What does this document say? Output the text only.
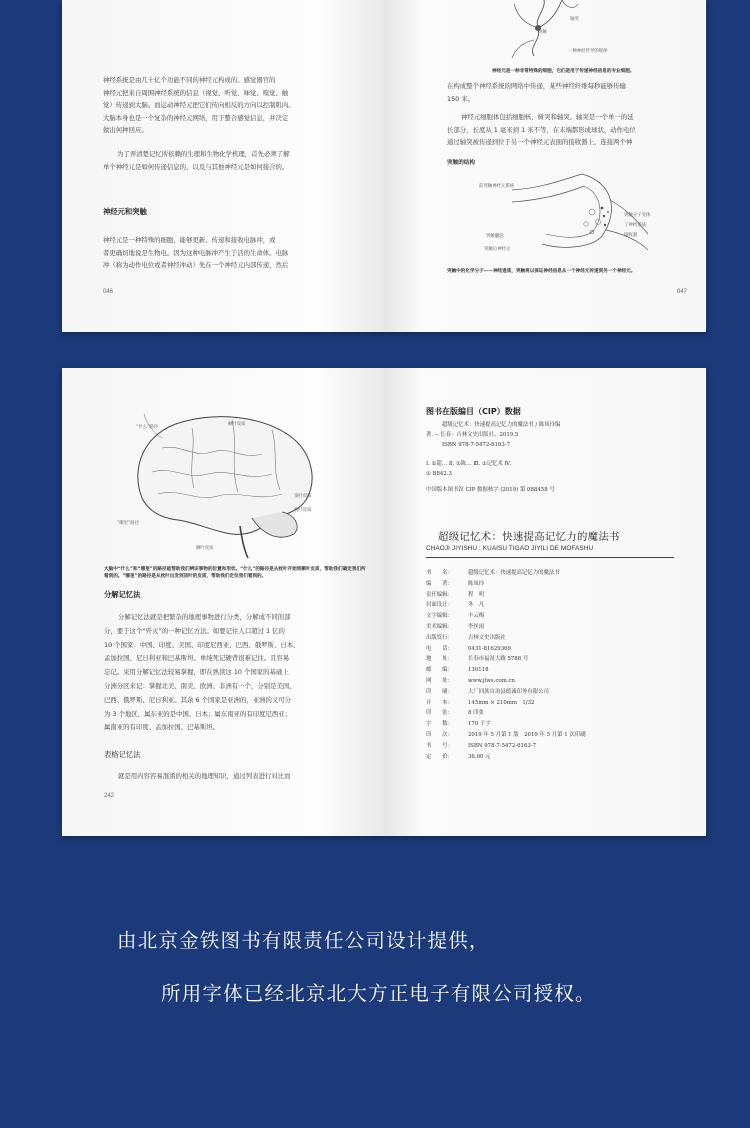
神经系统是由几十亿个功能不同的神经元构成的。感觉器官的
神经元把来自周围神经系统的信息（视觉、听觉、味觉、嗅觉、触
觉）传递到大脑。而运动神经元把它们传向相反的方向以控制肌肉。
大脑本身也是一个复杂的神经元网络，用于整合感觉信息，并决定
做出何种回应。
为了弄清楚记忆所依赖的生理和生物化学机理，首先必须了解
单个神经元是如何传递信息的，以及与其他神经元是如何接合的。
神经元和突触
神经元是一种特殊的细胞，能够更新、传递和接收电脉冲，或
者更确切地说是生物电。因为这种电脉冲产生于活的生命体。电脉
冲（称为动作电位或者神经冲动）先在一个神经元内部传递，然后
046
轴突
突触
一种神经传导的规律
神经元是一种非常特殊的细胞，它们是用于传递神经信息的专业细胞。
在构成整个神经系统的网络中传递，某些神经纤维每秒能够传输
150 米。
神经元细胞体包括细胞核、树突和轴突。轴突是一个单一的延
长部分，长度从 1 毫米到 1 米不等，在末端都形成球状，动作电位
通过轴突被传递到位于另一个神经元表面的接收器上，连接两个神
突触的结构
前突触神经元系统
突触囊泡
突触后神经元
突触分子受体
了神经递质
接收器
突触中的化学分子——神经递质，突触将以保证神经信息从一个神经元传递到另一个神经元。
047
“什么”路径
额叶皮质
顶叶皮质
枕叶皮质
“哪里”路径
颞叶皮质
大脑中“什么”和“哪里”的路径能帮助我们辨识事物的位置和形状。“什么”的路径是从枕叶开始到颞叶皮质，帮助我们确定我们所看到的。“哪里”的路径是从枕叶出发到顶叶的皮质，帮助我们定位我们看到的。
分解记忆法
分解记忆法就是把繁杂的地理事物进行分类，分解成不同的部
分，要于这个“歼灭”的一种记忆方法。如要记住人口超过 1 亿的
10 个国家：中国、印度、美国、印度尼西亚、巴西、俄罗斯、日本、
孟加拉国、尼日利亚和巴基斯坦。单纯死记硬背很难记住。且容易
忘记。采用分解记忆法较易掌握，即在熟读这 10 个国家的基础上
分洲分区来记：掌握北美、南美、欧洲、非洲有一个，分别是美国、
巴西、俄罗斯、尼日利亚。其余 6 个国家是亚洲的，亚洲的又可分
为 3 个地区，属东亚的是中国、日本；属东南亚的有印度尼西亚；
属南亚的有印度、孟加拉国、巴基斯坦。
表格记忆法
就是用内容容易混淆的相关的地理知识，通过列表进行对比而
242
图书在版编目（CIP）数据
超级记忆术：快速提高记忆力的魔法书 / 陈凤玲编
著. -- 长春：吉林文史出版社，2019.5
ISBN 978-7-5472-6163-7
Ⅰ. ①超… Ⅱ. ①陈… Ⅲ. ①记忆术 Ⅳ.
① B842.3
中国版本图书馆 CIP 数据核字 (2019) 第 088458 号
超级记忆术：快速提高记忆力的魔法书
CHAOJI JIYISHU : KUAISU TIGAO JIYILI DE MOFASHU
书　　名：	超级记忆术：快速提高记忆力的魔法书
编　　著：	陈凤玲
责任编辑：	程　明
封面设计：	冬　凡
文字编辑：	丰云梅
美术编辑：	李丝雨
出版发行：	吉林文史出版社
电　　话：	0431-81629369
地　　址：	长春市福祉大路 5788 号
邮　　编：	130118
网　　址：	www.jlws.com.cn
印　　刷：	大厂回族自治县德诚印务有限公司
开　　本：	145mm × 210mm　1/32
印　　张：	8 印张
字　　数：	170 千字
印　　次：	2019 年 5 月第 1 版　2019 年 5 月第 1 次印刷
书　　号：	ISBN 978-7-5472-6163-7
定　　价：	36.00 元
由北京金铁图书有限责任公司设计提供，
所用字体已经北京北大方正电子有限公司授权。
